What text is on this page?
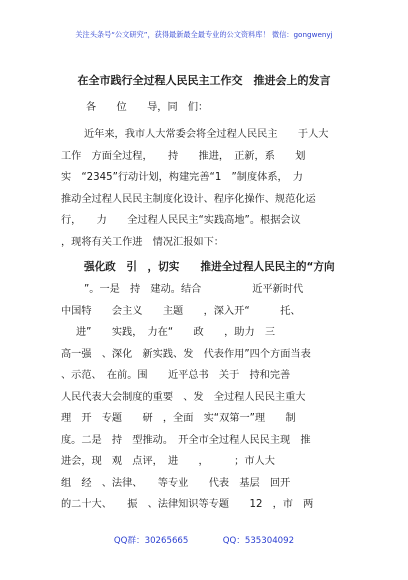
关注头条号“公文研究”，获得最新最全最专业的公文资料库！ 微信：gongwenyj
在全市践行全过程人民民主工作交　推进会上的发言
各　　位　　导，同　们：
近年来，我市人大常委会将全过程人民民主　　于人大
工作　方面全过程，　　持　　推进，　正新，系　　划
实　“2345”行动计划，构建完善“1　”制度体系，　力
推动全过程人民民主制度化设计、程序化操作、规范化运
行，　　力　　全过程人民民主“实践高地”。根据会议
，现将有关工作进　情况汇报如下：
强化政　引　，切实　　推进全过程人民民主的“方向
”。一是　持　建动。结合　　　　　近平新时代
中国特　　会主义　　主题　　，深入开“　　　托、
进”　　实践，　力在“　　政　　，助力　三
高一强　、深化　新实践、发　代表作用”四个方面当表
、示范、　在前。围　　近平总书　关于　持和完善
人民代表大会制度的重要　、发　全过程人民民主重大
理　开　专题　　研　，全面　实“双第一”理　　制
度。二是　持　型推动。　开全市全过程人民民主现　推
进会，现　观　点评，　进　　，　　　；市人大
组　经　、法律、　　等专业　　代表　基层　回开
的二十大、　　振　、法律知识等专题　　12　，市　两
QQ群：30265665　　　　QQ：535304092
